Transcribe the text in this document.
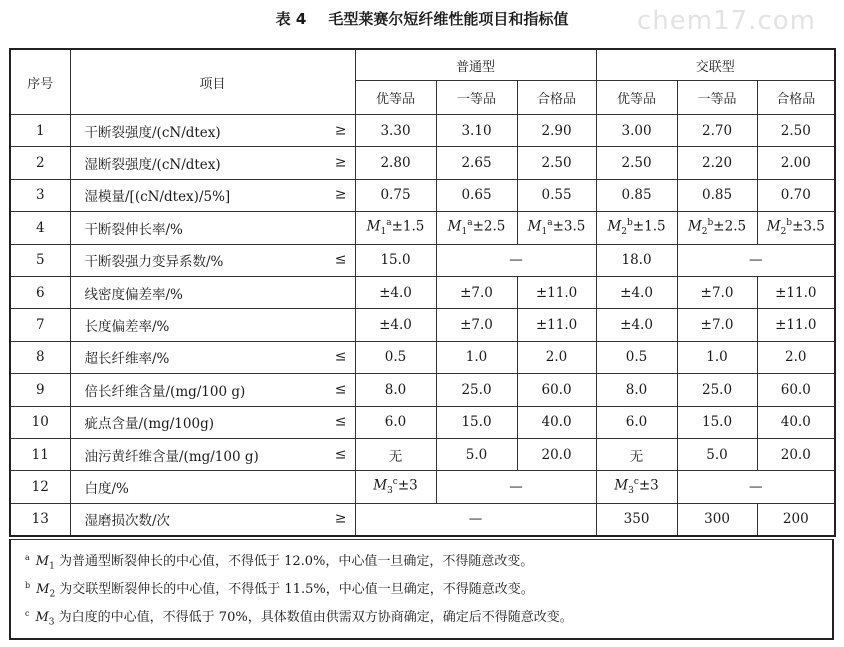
表 4 毛型莱赛尔短纤维性能项目和指标值	chem17.com
序号	项目	普通型			交联型		
		优等品	一等品	合格品	优等品	一等品	合格品
1	干断裂强度/(cN/dtex) ≥	3.30	3.10	2.90	3.00	2.70	2.50
2	湿断裂强度/(cN/dtex) ≥	2.80	2.65	2.50	2.50	2.20	2.00
3	湿模量/[(cN/dtex)/5%] ≥	0.75	0.65	0.55	0.85	0.85	0.70
4	干断裂伸长率/%	$M_1^a\pm 1.5$	$M_1^a\pm 2.5$	$M_1^a\pm 3.5$	$M_2^b\pm 1.5$	$M_2^b\pm 2.5$	$M_2^b\pm 3.5$
5	干断裂强力变异系数/% ≤	15.0	—		18.0	—	
6	线密度偏差率/%	±4.0	±7.0	±11.0	±4.0	±7.0	±11.0
7	长度偏差率/%	±4.0	±7.0	±11.0	±4.0	±7.0	±11.0
8	超长纤维率/% ≤	0.5	1.0	2.0	0.5	1.0	2.0
9	倍长纤维含量/(mg/100 g) ≤	8.0	25.0	60.0	8.0	25.0	60.0
10	疵点含量/(mg/100g) ≤	6.0	15.0	40.0	6.0	15.0	40.0
11	油污黄纤维含量/(mg/100 g) ≤	无	5.0	20.0	无	5.0	20.0
12	白度/%	$M_3^c\pm 3$	—		$M_3^c\pm 3$	—	
13	湿磨损次数/次 ≥	—			350	300	200
$^a$ $M_1$ 为普通型断裂伸长的中心值，不得低于 12.0%，中心值一旦确定，不得随意改变。
$^b$ $M_2$ 为交联型断裂伸长的中心值，不得低于 11.5%，中心值一旦确定，不得随意改变。
$^c$ $M_3$ 为白度的中心值，不得低于 70%，具体数值由供需双方协商确定，确定后不得随意改变。
